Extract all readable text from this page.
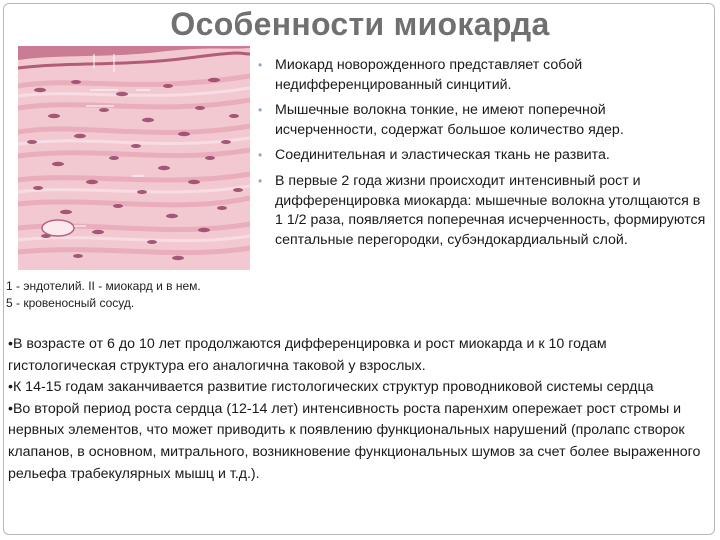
Особенности миокарда
1 - эндотелий. II - миокард и в нем.
5 - кровеносный сосуд.
• Миокард новорожденного представляет собой недифференцированный синцитий.
• Мышечные волокна тонкие, не имеют поперечной исчерченности, содержат большое количество ядер.
• Соединительная и эластическая ткань не развита.
• В первые 2 года жизни происходит интенсивный рост и дифференцировка миокарда: мышечные волокна утолщаются в 1 1/2 раза, появляется поперечная исчерченность, формируются септальные перегородки, субэндокардиальный слой.

•В возрасте от 6 до 10 лет продолжаются дифференцировка и рост миокарда и к 10 годам гистологическая структура его аналогична таковой у взрослых.

•К 14-15 годам заканчивается развитие гистологических структур проводниковой системы сердца

•Во второй период роста сердца (12-14 лет) интенсивность роста паренхим опережает рост стромы и нервных элементов, что может приводить к появлению функциональных нарушений (пролапс створок клапанов, в основном, митрального, возникновение функциональных шумов за счет более выраженного рельефа трабекулярных мышц и т.д.).
